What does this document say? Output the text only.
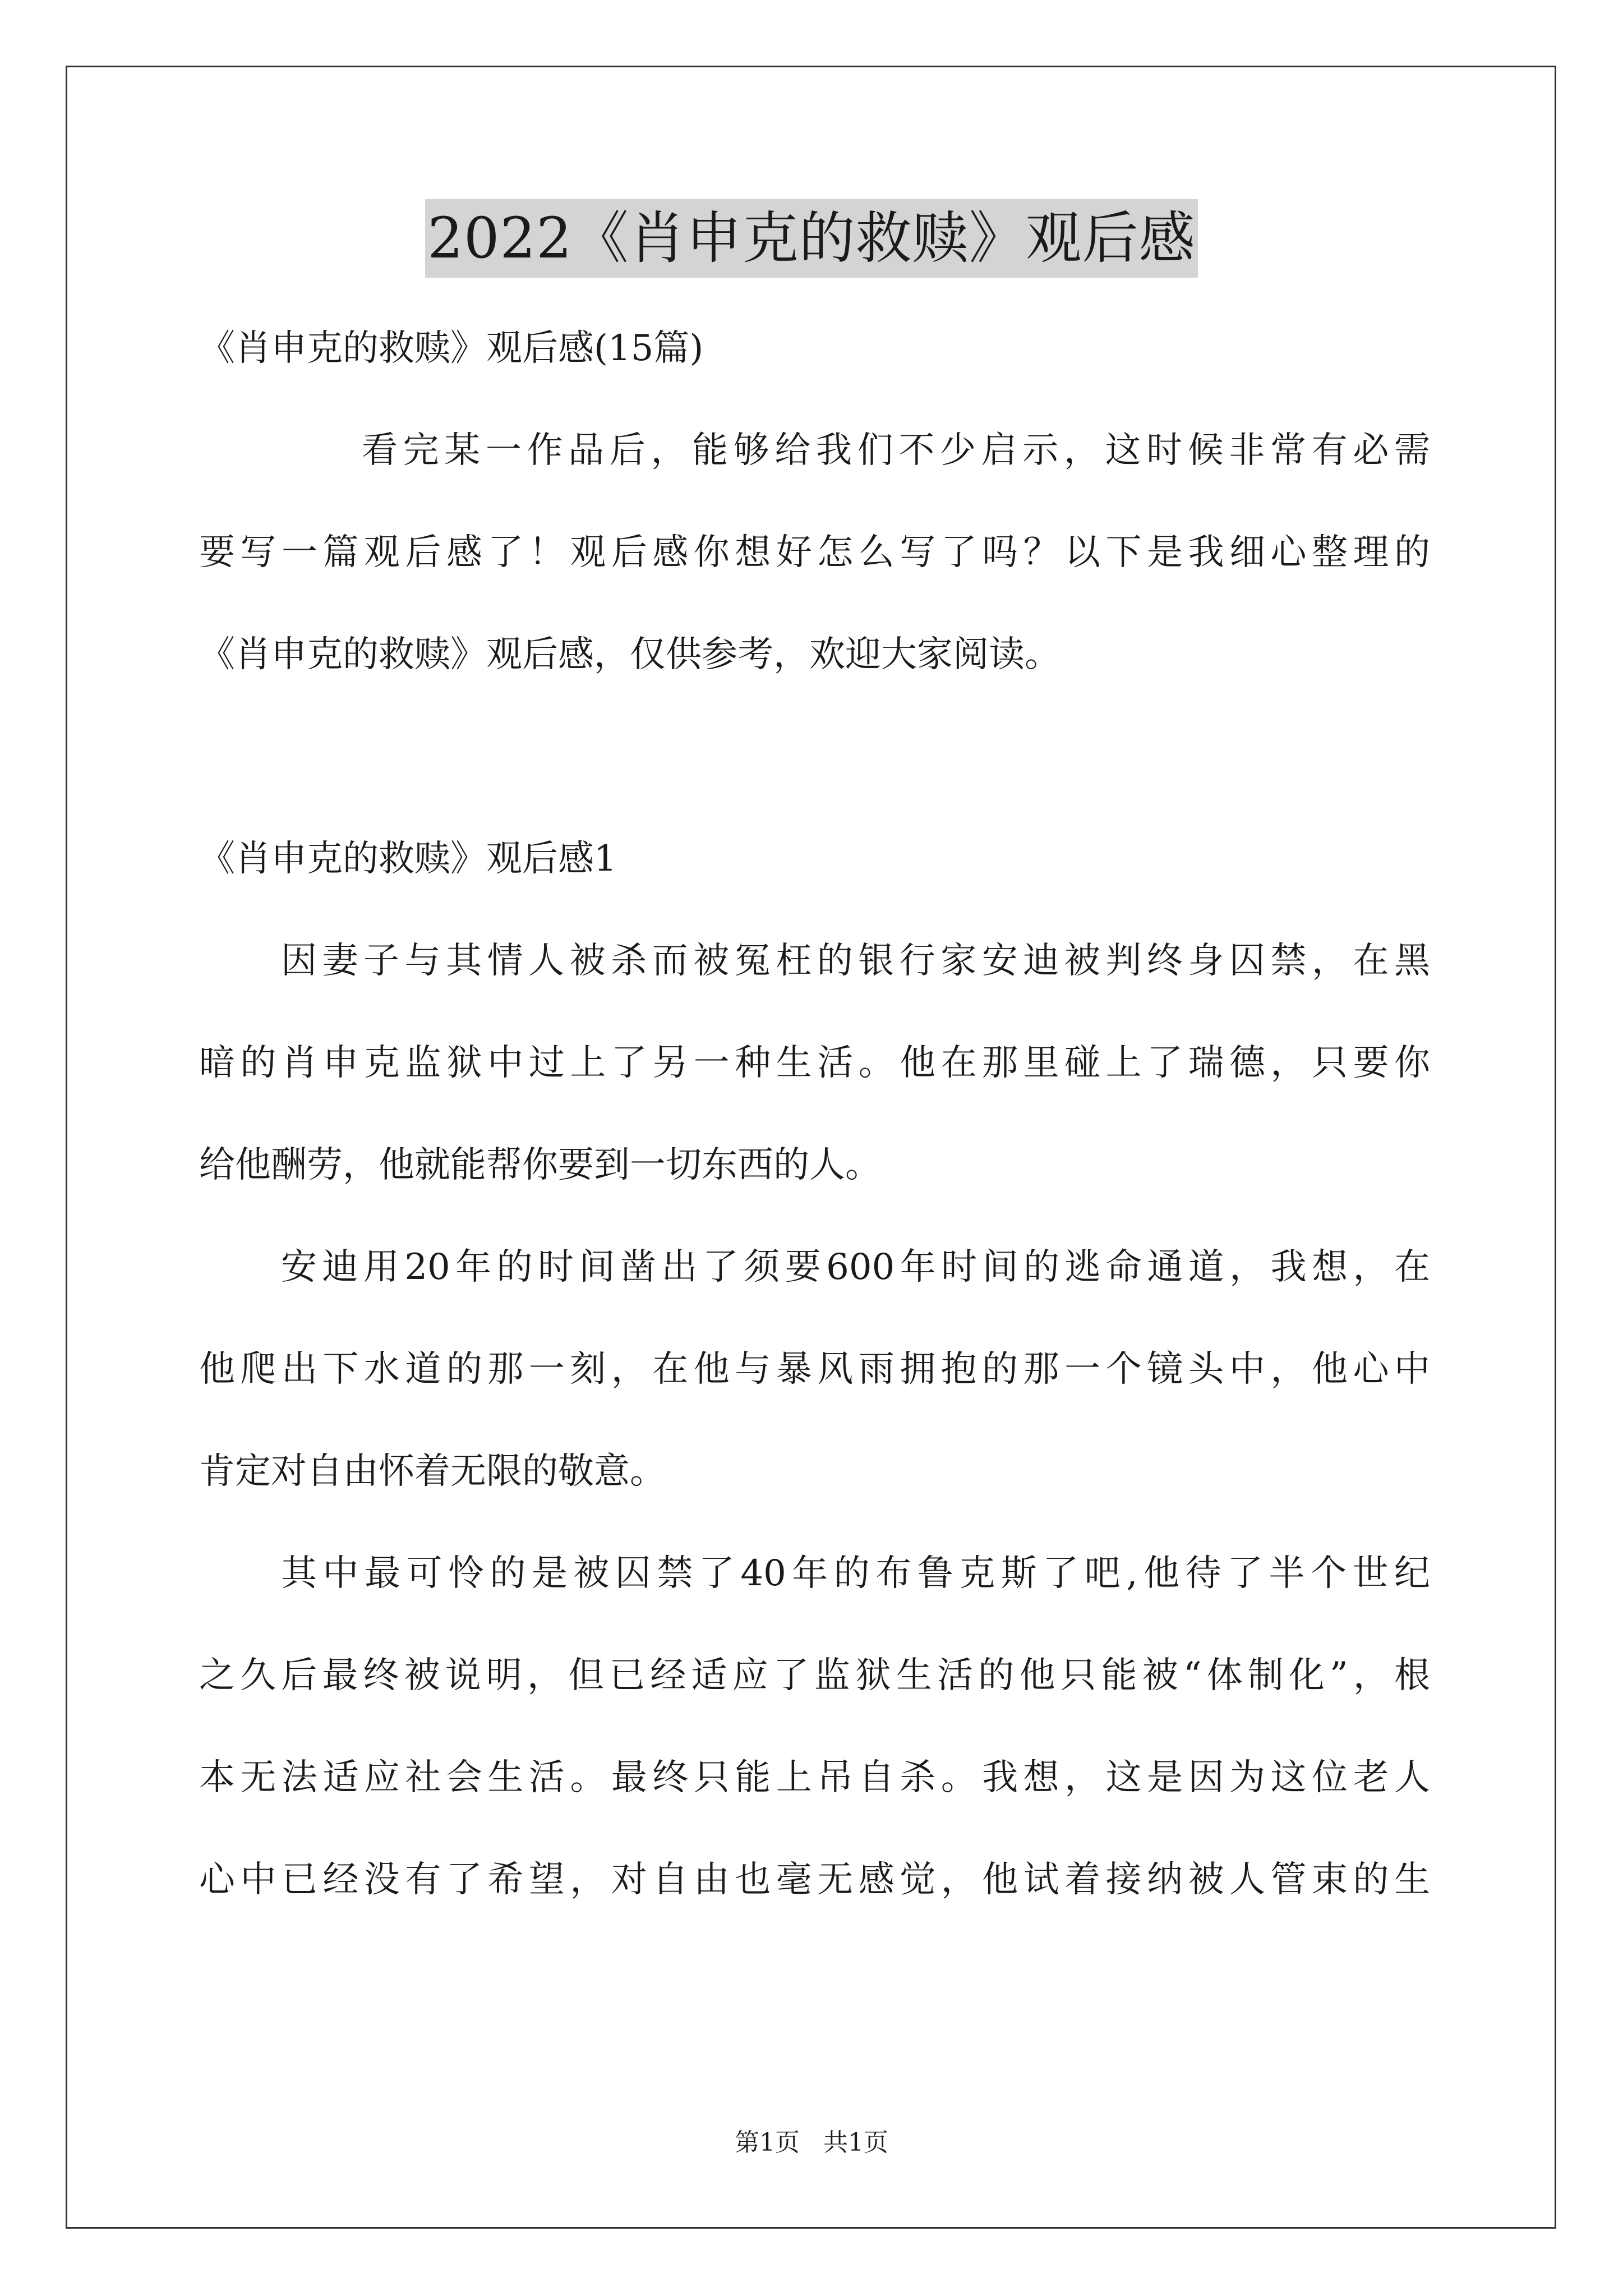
2022《肖申克的救赎》观后感
《肖申克的救赎》观后感(15篇)
看完某一作品后，能够给我们不少启示，这时候非常有必需
要写一篇观后感了！观后感你想好怎么写了吗？以下是我细心整理的
《肖申克的救赎》观后感，仅供参考，欢迎大家阅读。
《肖申克的救赎》观后感1
因妻子与其情人被杀而被冤枉的银行家安迪被判终身囚禁，在黑
暗的肖申克监狱中过上了另一种生活。他在那里碰上了瑞德，只要你
给他酬劳，他就能帮你要到一切东西的人。
安迪用20年的时间凿出了须要600年时间的逃命通道，我想，在
他爬出下水道的那一刻，在他与暴风雨拥抱的那一个镜头中，他心中
肯定对自由怀着无限的敬意。
其中最可怜的是被囚禁了40年的布鲁克斯了吧,他待了半个世纪
之久后最终被说明，但已经适应了监狱生活的他只能被“体制化”，根
本无法适应社会生活。最终只能上吊自杀。我想，这是因为这位老人
心中已经没有了希望，对自由也毫无感觉，他试着接纳被人管束的生
第1页   共1页
